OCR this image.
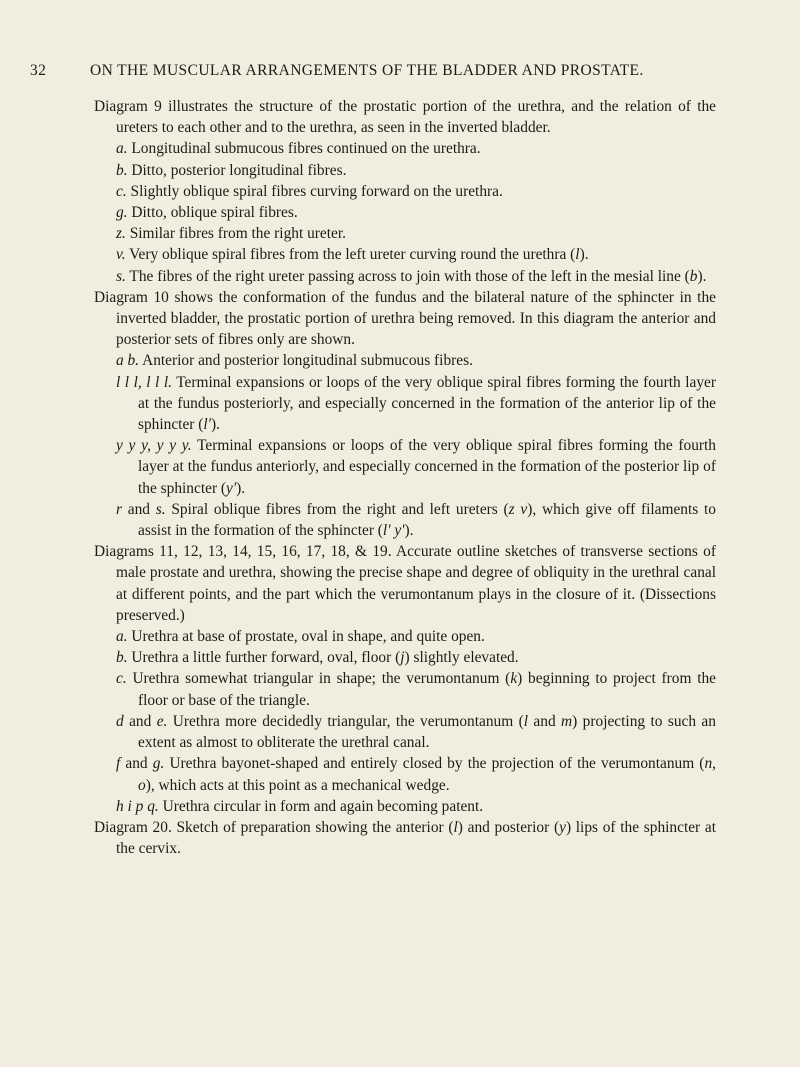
32	ON THE MUSCULAR ARRANGEMENTS OF THE BLADDER AND PROSTATE.

Diagram 9 illustrates the structure of the prostatic portion of the urethra, and the relation of the ureters to each other and to the urethra, as seen in the inverted bladder.

a. Longitudinal submucous fibres continued on the urethra.

b. Ditto, posterior longitudinal fibres.

c. Slightly oblique spiral fibres curving forward on the urethra.

g. Ditto, oblique spiral fibres.

z. Similar fibres from the right ureter.

v. Very oblique spiral fibres from the left ureter curving round the urethra (l).

s. The fibres of the right ureter passing across to join with those of the left in the mesial line (b).

Diagram 10 shows the conformation of the fundus and the bilateral nature of the sphincter in the inverted bladder, the prostatic portion of urethra being removed. In this diagram the anterior and posterior sets of fibres only are shown.

a b. Anterior and posterior longitudinal submucous fibres.

l l l, l l l. Terminal expansions or loops of the very oblique spiral fibres forming the fourth layer at the fundus posteriorly, and especially concerned in the formation of the anterior lip of the sphincter (l').

y y y, y y y. Terminal expansions or loops of the very oblique spiral fibres forming the fourth layer at the fundus anteriorly, and especially concerned in the formation of the posterior lip of the sphincter (y').

r and s. Spiral oblique fibres from the right and left ureters (z v), which give off filaments to assist in the formation of the sphincter (l' y').

Diagrams 11, 12, 13, 14, 15, 16, 17, 18, & 19. Accurate outline sketches of transverse sections of male prostate and urethra, showing the precise shape and degree of obliquity in the urethral canal at different points, and the part which the verumontanum plays in the closure of it. (Dissections preserved.)

a. Urethra at base of prostate, oval in shape, and quite open.

b. Urethra a little further forward, oval, floor (j) slightly elevated.

c. Urethra somewhat triangular in shape; the verumontanum (k) beginning to project from the floor or base of the triangle.

d and e. Urethra more decidedly triangular, the verumontanum (l and m) projecting to such an extent as almost to obliterate the urethral canal.

f and g. Urethra bayonet-shaped and entirely closed by the projection of the verumontanum (n, o), which acts at this point as a mechanical wedge.

h i p q. Urethra circular in form and again becoming patent.

Diagram 20. Sketch of preparation showing the anterior (l) and posterior (y) lips of the sphincter at the cervix.
